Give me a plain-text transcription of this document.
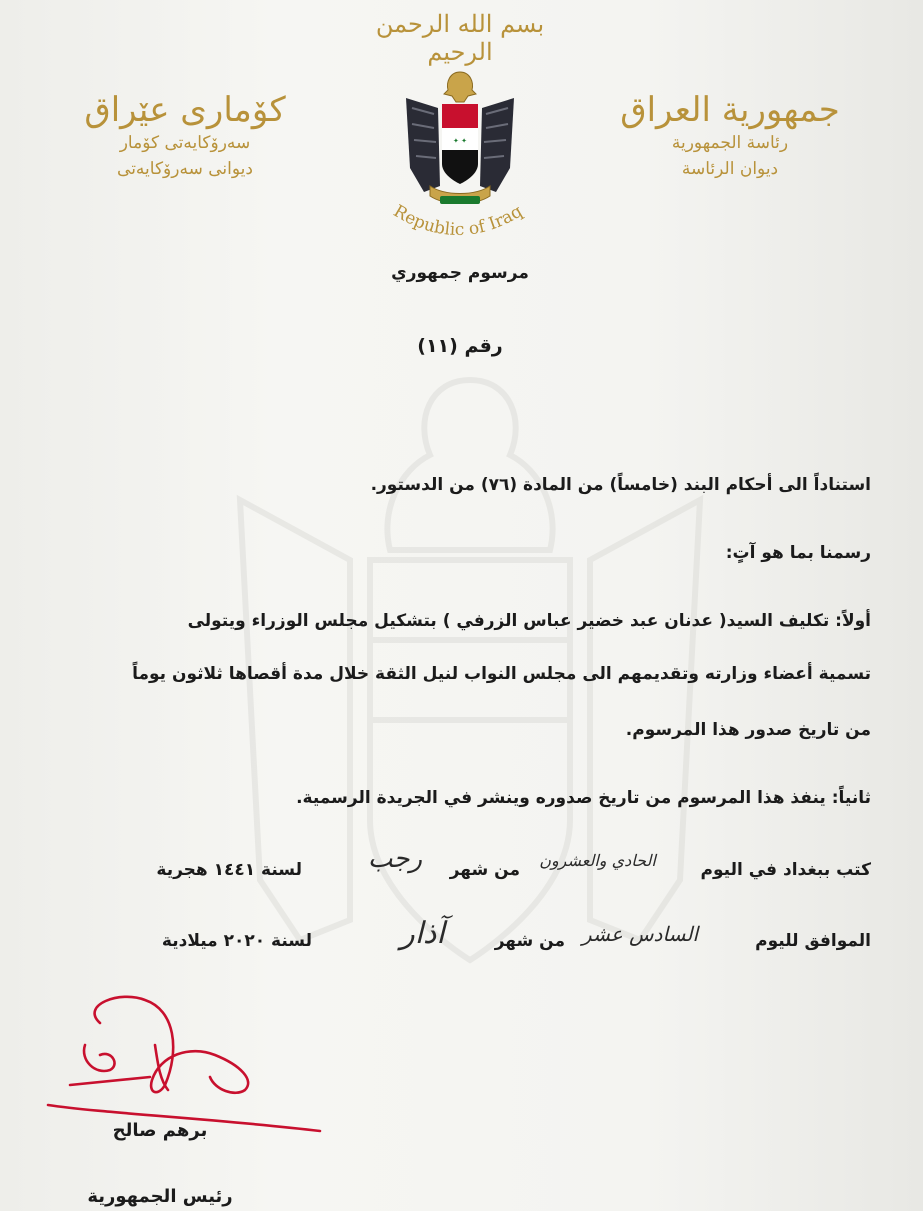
بسم الله الرحمن الرحيم
جمهورية العراق
رئاسة الجمهورية
ديوان الرئاسة
كۆماری عێراق
سەرۆکایەتی کۆمار
دیوانی سەرۆکایەتی
✦ ✦
Republic of Iraq
مرسوم جمهوري
رقم (١١)
استناداً الى أحكام البند (خامساً) من المادة (٧٦) من الدستور.
رسمنا بما هو آتٍ:
أولاً: تكليف السيد( عدنان عبد خضير عباس الزرفي ) بتشكيل مجلس الوزراء ويتولى
تسمية أعضاء وزارته وتقديمهم الى مجلس النواب لنيل الثقة خلال مدة أقصاها ثلاثون يوماً
من تاريخ صدور هذا المرسوم.
ثانياً: ينفذ هذا المرسوم من تاريخ صدوره وينشر في الجريدة الرسمية.
كتب ببغداد في اليوم
الحادي والعشرون
من شهر
رجب
لسنة ١٤٤١ هجرية
الموافق لليوم
السادس عشر
من شهر
آذار
لسنة ٢٠٢٠ ميلادية
برهم صالح
رئيس الجمهورية
